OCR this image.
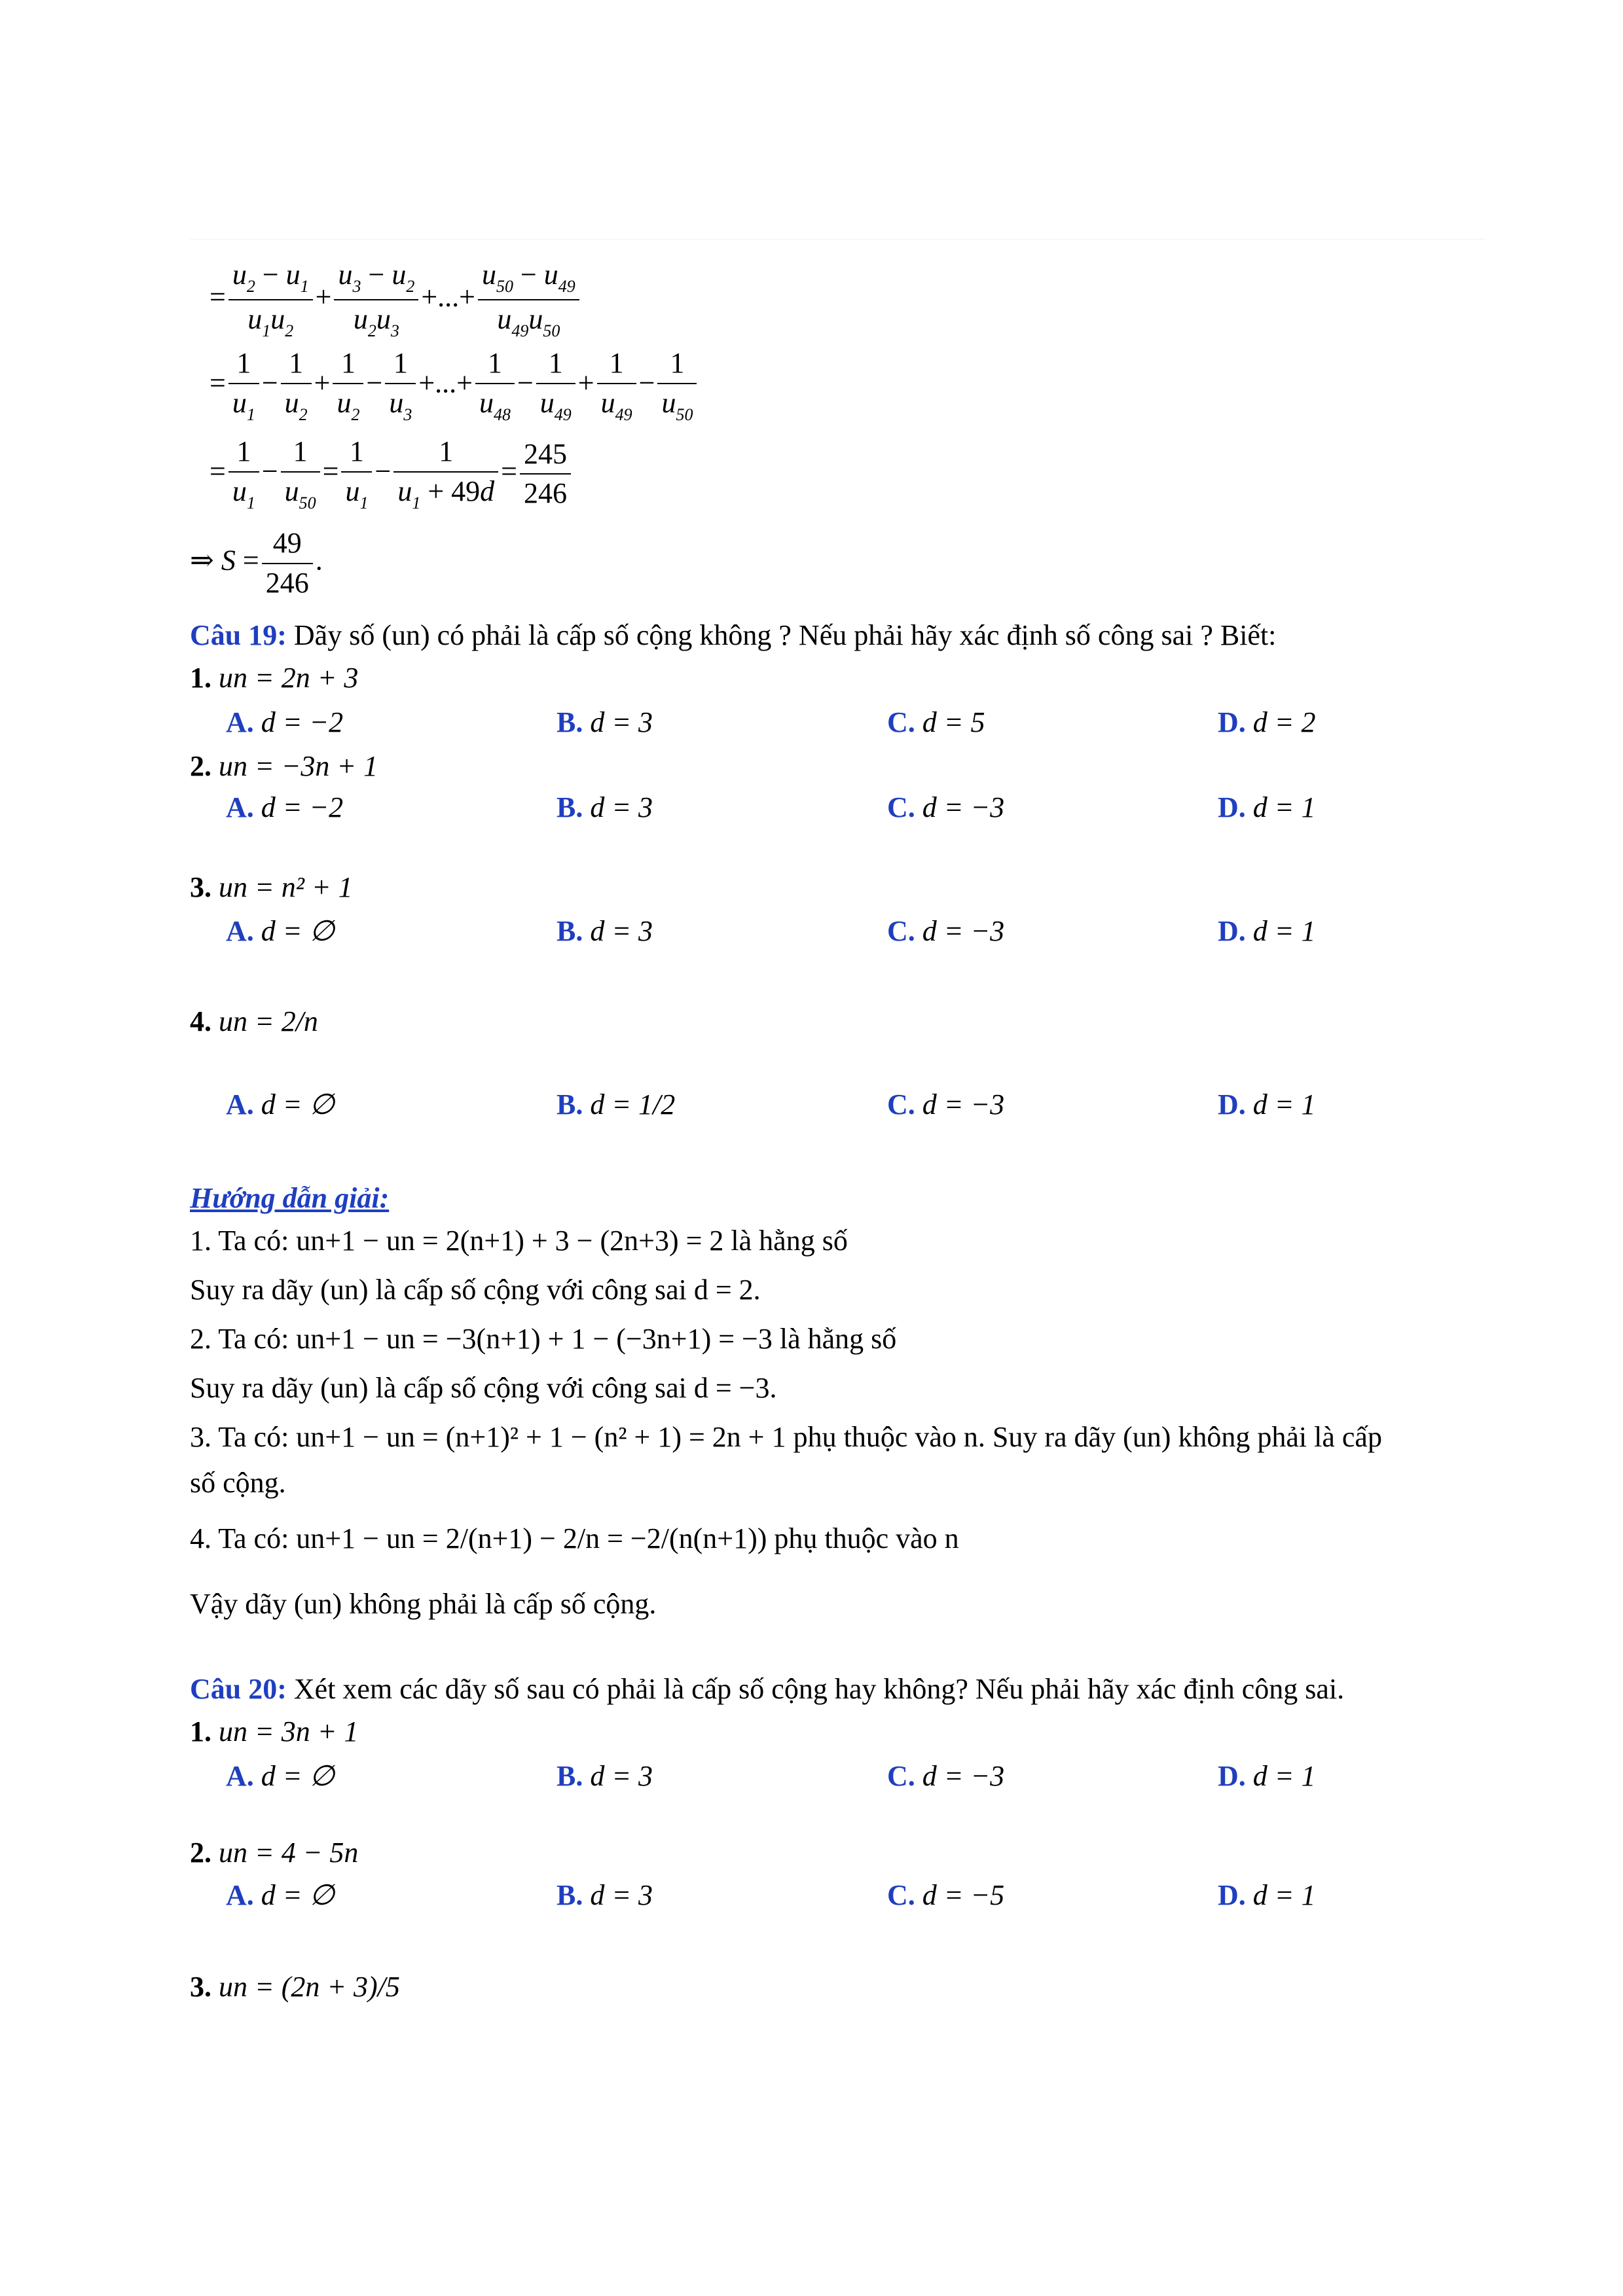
= $\frac{u_2 - u_1}{u_1u_2} + \frac{u_3 - u_2}{u_2u_3}$ +...+ $\frac{u_{50} - u_{49}}{u_{49}u_{50}}$
= $\frac{1}{u_1} - \frac{1}{u_2} + \frac{1}{u_2} - \frac{1}{u_3}$ +...+ $\frac{1}{u_{48}} - \frac{1}{u_{49}} + \frac{1}{u_{49}} - \frac{1}{u_{50}}$
= $\frac{1}{u_1} - \frac{1}{u_{50}} = \frac{1}{u_1} - \frac{1}{u_1 + 49d} = \frac{245}{246}$
⇒ $S = \frac{49}{246}$ .
Câu 19: Dãy số (un) có phải là cấp số cộng không ? Nếu phải hãy xác định số công sai ? Biết:
1. un = 2n + 3
A. d = −2	B. d = 3	C. d = 5	D. d = 2
2. un = −3n + 1
A. d = −2	B. d = 3	C. d = −3	D. d = 1
3. un = n² + 1
A. d = ∅	B. d = 3	C. d = −3	D. d = 1
4. un = 2/n
A. d = ∅	B. d = 1/2	C. d = −3	D. d = 1
Hướng dẫn giải:
1. Ta có: un+1 − un = 2(n+1) + 3 − (2n+3) = 2 là hằng số
Suy ra dãy (un) là cấp số cộng với công sai d = 2.
2. Ta có: un+1 − un = −3(n+1) + 1 − (−3n+1) = −3 là hằng số
Suy ra dãy (un) là cấp số cộng với công sai d = −3.
3. Ta có: un+1 − un = (n+1)² + 1 − (n² + 1) = 2n + 1 phụ thuộc vào n. Suy ra dãy (un) không phải là cấp
số cộng.
4. Ta có: un+1 − un = 2/(n+1) − 2/n = −2/(n(n+1)) phụ thuộc vào n
Vậy dãy (un) không phải là cấp số cộng.
Câu 20: Xét xem các dãy số sau có phải là cấp số cộng hay không? Nếu phải hãy xác định công sai.
1. un = 3n + 1
A. d = ∅	B. d = 3	C. d = −3	D. d = 1
2. un = 4 − 5n
A. d = ∅	B. d = 3	C. d = −5	D. d = 1
3. un = (2n + 3)/5
